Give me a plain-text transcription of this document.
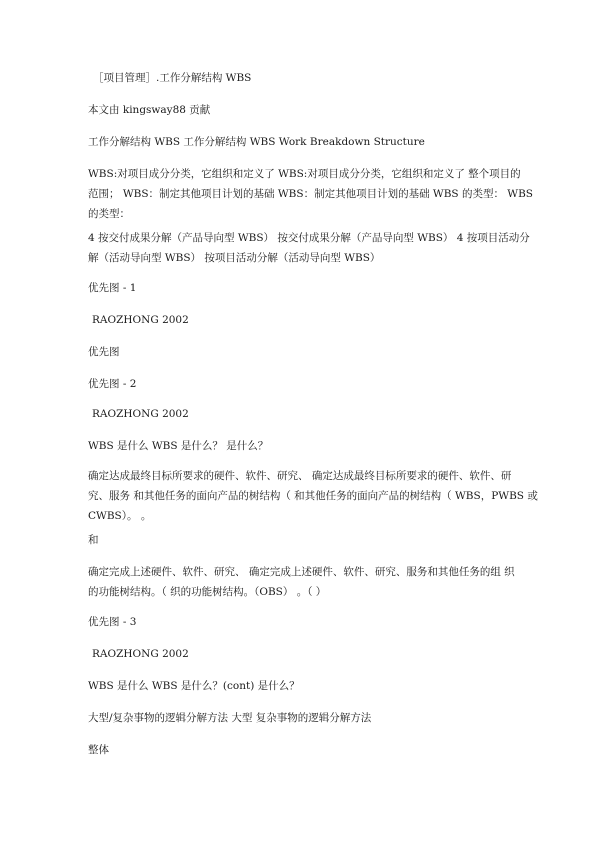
［项目管理］.工作分解结构 WBS
本文由 kingsway88 贡献
工作分解结构 WBS 工作分解结构 WBS Work Breakdown Structure
WBS:对项目成分分类，它组织和定义了 WBS:对项目成分分类，它组织和定义了 整个项目的
范围； WBS：制定其他项目计划的基础 WBS：制定其他项目计划的基础 WBS 的类型： WBS
的类型：
4 按交付成果分解（产品导向型 WBS） 按交付成果分解（产品导向型 WBS） 4 按项目活动分
解（活动导向型 WBS） 按项目活动分解（活动导向型 WBS）
优先图 - 1
RAOZHONG 2002
优先图
优先图 - 2
RAOZHONG 2002
WBS 是什么 WBS 是什么？ 是什么？
确定达成最终目标所要求的硬件、软件、研究、 确定达成最终目标所要求的硬件、软件、研
究、服务 和其他任务的面向产品的树结构（ 和其他任务的面向产品的树结构（ WBS，PWBS 或
CWBS）。 。
和
确定完成上述硬件、软件、研究、 确定完成上述硬件、软件、研究、服务和其他任务的组 织
的功能树结构。（ 织的功能树结构。（OBS） 。（ ）
优先图 - 3
RAOZHONG 2002
WBS 是什么 WBS 是什么？(cont) 是什么？
大型/复杂事物的逻辑分解方法 大型 复杂事物的逻辑分解方法
整体
